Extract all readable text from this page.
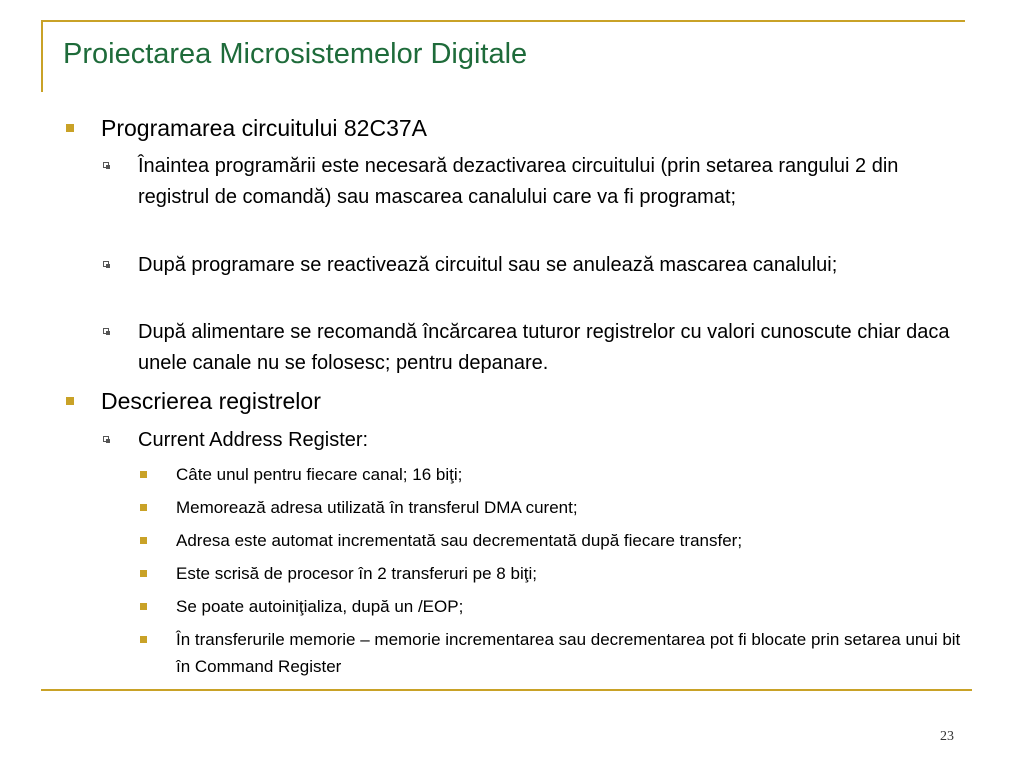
Proiectarea Microsistemelor Digitale
Programarea circuitului 82C37A
Înaintea programării este necesară dezactivarea circuitului (prin setarea rangului 2 din registrul de comandă) sau mascarea canalului care va fi programat;
După programare se reactivează circuitul sau se anulează mascarea canalului;
După alimentare se recomandă încărcarea tuturor registrelor cu valori cunoscute chiar daca unele canale nu se folosesc; pentru depanare.
Descrierea registrelor
Current Address Register:
Câte unul pentru fiecare canal; 16 biţi;
Memorează adresa utilizată în transferul DMA curent;
Adresa este automat incrementată sau decrementată după fiecare transfer;
Este scrisă de procesor în 2 transferuri pe 8 biţi;
Se poate autoiniţializa, după un /EOP;
În transferurile memorie – memorie incrementarea sau decrementarea pot fi blocate prin setarea unui bit în Command Register
23
